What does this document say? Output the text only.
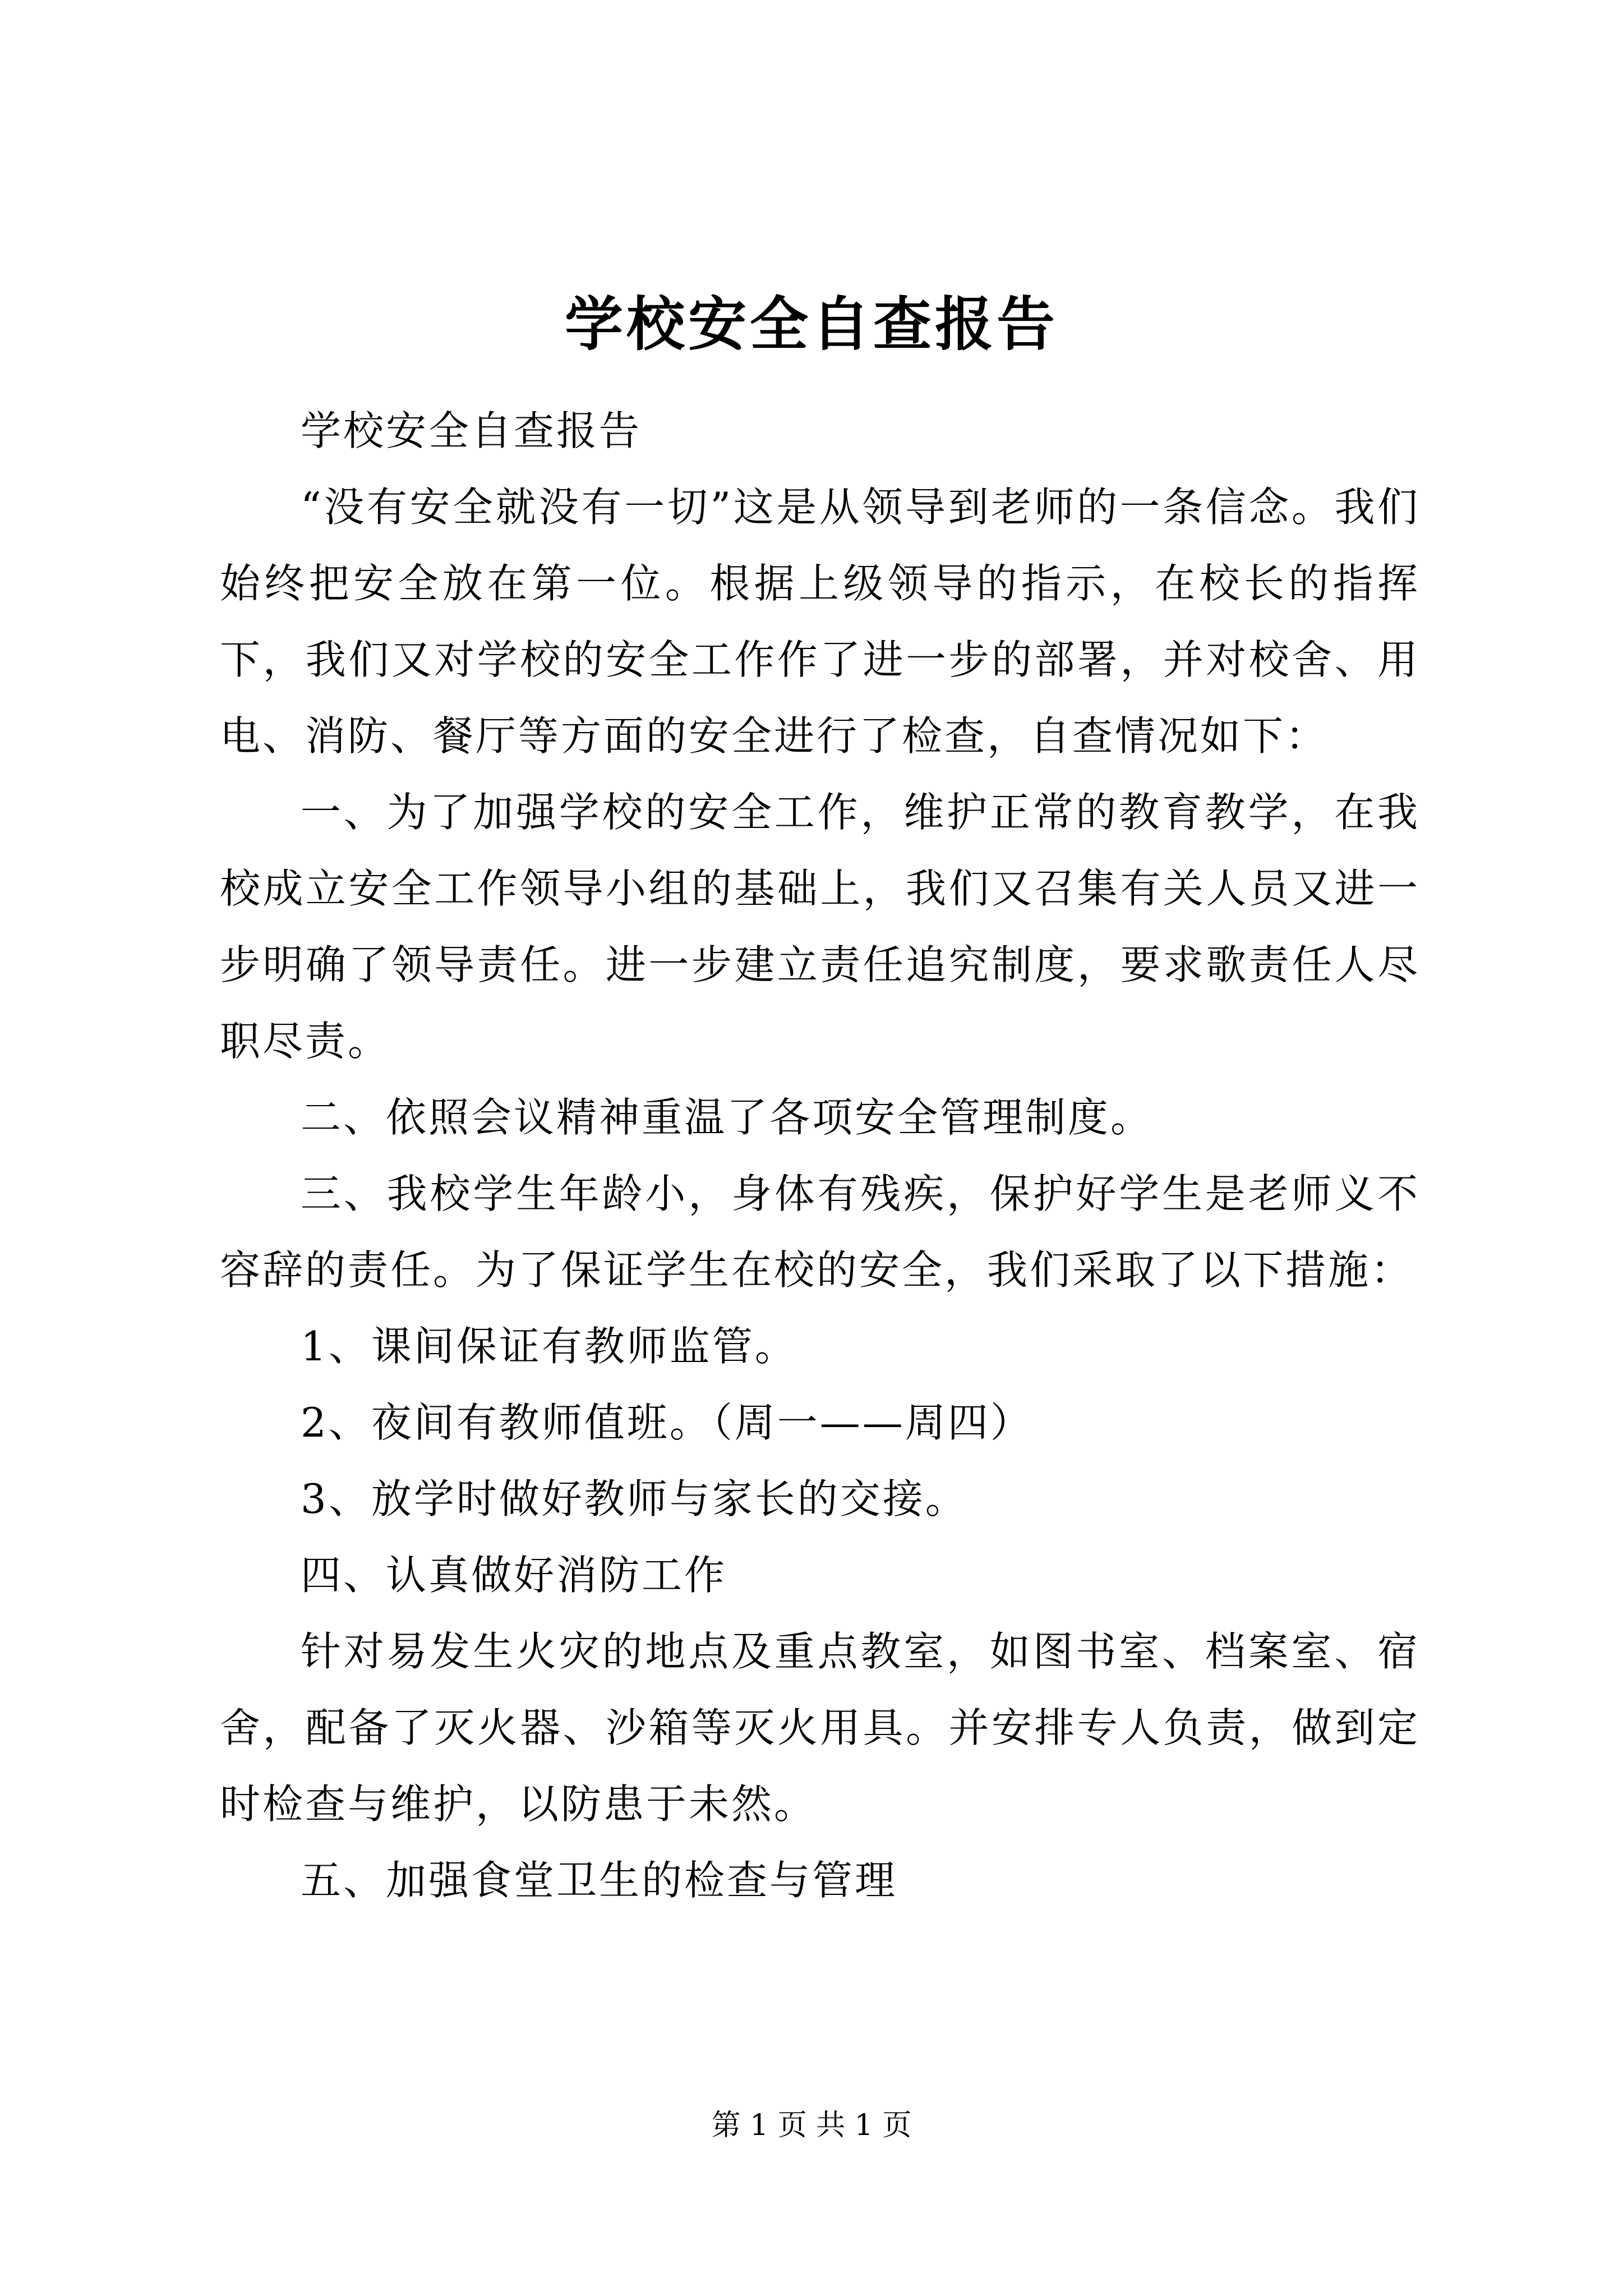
学校安全自查报告

学校安全自查报告

“没有安全就没有一切”这是从领导到老师的一条信念。我们始终把安全放在第一位。根据上级领导的指示，在校长的指挥下，我们又对学校的安全工作作了进一步的部署，并对校舍、用电、消防、餐厅等方面的安全进行了检查，自查情况如下：

一、为了加强学校的安全工作，维护正常的教育教学，在我校成立安全工作领导小组的基础上，我们又召集有关人员又进一步明确了领导责任。进一步建立责任追究制度，要求歌责任人尽职尽责。

二、依照会议精神重温了各项安全管理制度。

三、我校学生年龄小，身体有残疾，保护好学生是老师义不容辞的责任。为了保证学生在校的安全，我们采取了以下措施：

1、课间保证有教师监管。

2、夜间有教师值班。（周一——周四）

3、放学时做好教师与家长的交接。

四、认真做好消防工作

针对易发生火灾的地点及重点教室，如图书室、档案室、宿舍，配备了灭火器、沙箱等灭火用具。并安排专人负责，做到定时检查与维护，以防患于未然。

五、加强食堂卫生的检查与管理

第 1 页 共 1 页
